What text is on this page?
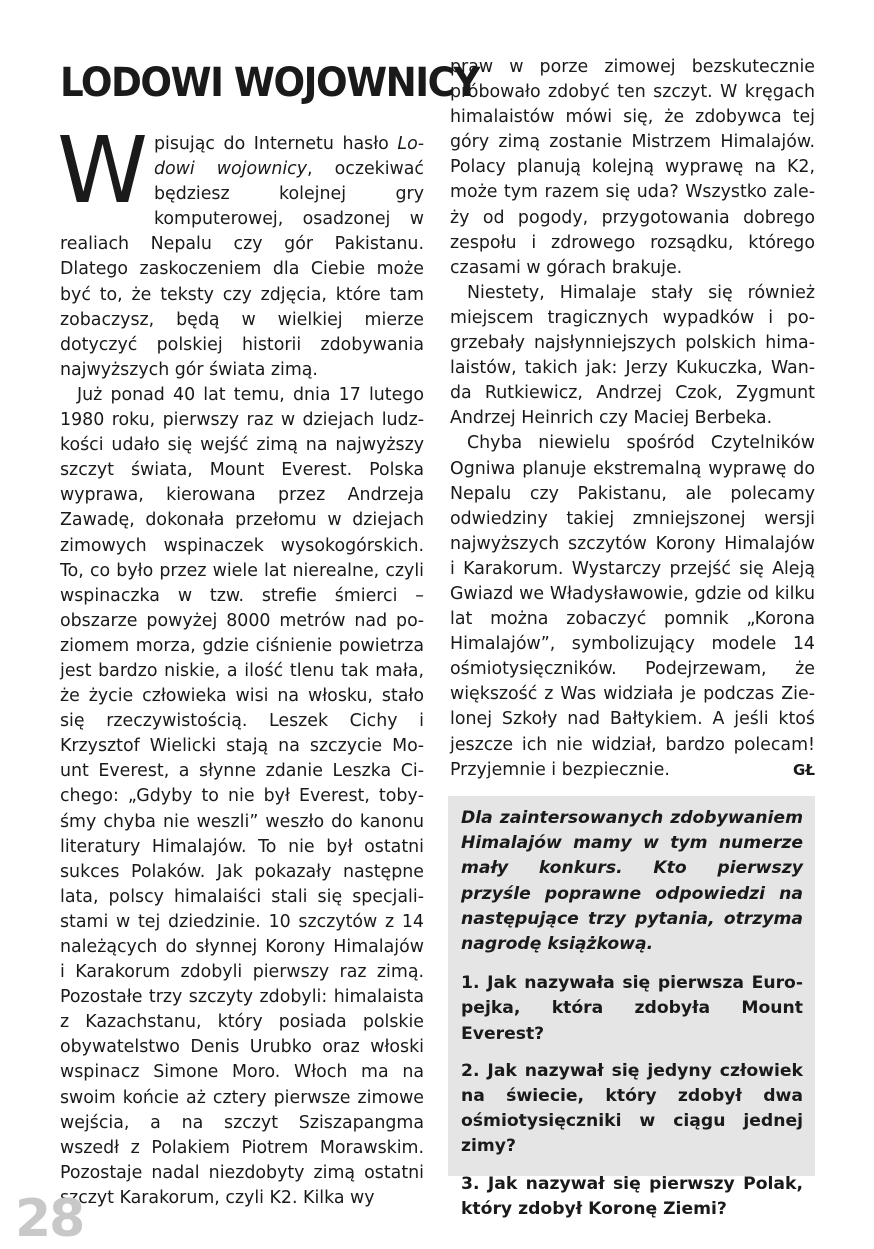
LODOWI WOJOWNICY

Wpisując do Internetu hasło Lodowi wojownicy, oczekiwać będziesz kolejnej gry komputerowej, osadzonej w realiach Nepalu czy gór Pakistanu. Dlatego zaskoczeniem dla Ciebie może być to, że teksty czy zdjęcia, które tam zobaczysz, będą w wielkiej mierze dotyczyć polskiej historii zdobywania najwyższych gór świata zimą.

Już ponad 40 lat temu, dnia 17 lutego 1980 roku, pierwszy raz w dziejach ludzkości udało się wejść zimą na najwyższy szczyt świata, Mount Everest. Polska wyprawa, kierowana przez Andrzeja Zawadę, dokonała przełomu w dziejach zimowych wspinaczek wysokogórskich. To, co było przez wiele lat nierealne, czyli wspinaczka w tzw. strefie śmierci – obszarze powyżej 8000 metrów nad poziomem morza, gdzie ciśnienie powietrza jest bardzo niskie, a ilość tlenu tak mała, że życie człowieka wisi na włosku, stało się rzeczywistością. Leszek Cichy i Krzysztof Wielicki stają na szczycie Mount Everest, a słynne zdanie Leszka Cichego: „Gdyby to nie był Everest, tobyśmy chyba nie weszli” weszło do kanonu literatury Himalajów. To nie był ostatni sukces Polaków. Jak pokazały następne lata, polscy himalaiści stali się specjalistami w tej dziedzinie. 10 szczytów z 14 należących do słynnej Korony Himalajów i Karakorum zdobyli pierwszy raz zimą. Pozostałe trzy szczyty zdobyli: himalaista z Kazachstanu, który posiada polskie obywatelstwo Denis Urubko oraz włoski wspinacz Simone Moro. Włoch ma na swoim końcie aż cztery pierwsze zimowe wejścia, a na szczyt Sziszapangma wszedł z Polakiem Piotrem Morawskim. Pozostaje nadal niezdobyty zimą ostatni szczyt Karakorum, czyli K2. Kilka wy

praw w porze zimowej bezskutecznie próbowało zdobyć ten szczyt. W kręgach himalaistów mówi się, że zdobywca tej góry zimą zostanie Mistrzem Himalajów. Polacy planują kolejną wyprawę na K2, może tym razem się uda? Wszystko zależy od pogody, przygotowania dobrego zespołu i zdrowego rozsądku, którego czasami w górach brakuje.

Niestety, Himalaje stały się również miejscem tragicznych wypadków i pogrzebały najsłynniejszych polskich himalaistów, takich jak: Jerzy Kukuczka, Wanda Rutkiewicz, Andrzej Czok, Zygmunt Andrzej Heinrich czy Maciej Berbeka.

Chyba niewielu spośród Czytelników Ogniwa planuje ekstremalną wyprawę do Nepalu czy Pakistanu, ale polecamy odwiedziny takiej zmniejszonej wersji najwyższych szczytów Korony Himalajów i Karakorum. Wystarczy przejść się Aleją Gwiazd we Władysławowie, gdzie od kilku lat można zobaczyć pomnik „Korona Himalajów”, symbolizujący modele 14 ośmiotysięczników. Podejrzewam, że większość z Was widziała je podczas Zielonej Szkoły nad Bałtykiem. A jeśli ktoś jeszcze ich nie widział, bardzo polecam! Przyjemnie i bezpiecznie.	GŁ

Dla zaintersowanych zdobywaniem Himalajów mamy w tym numerze mały konkurs. Kto pierwszy przyśle poprawne odpowiedzi na następujące trzy pytania, otrzyma nagrodę książkową.

1. Jak nazywała się pierwsza Europejka, która zdobyła Mount Everest?

2. Jak nazywał się jedyny człowiek na świecie, który zdobył dwa ośmiotysięczniki w ciągu jednej zimy?

3. Jak nazywał się pierwszy Polak, który zdobył Koronę Ziemi?

28
